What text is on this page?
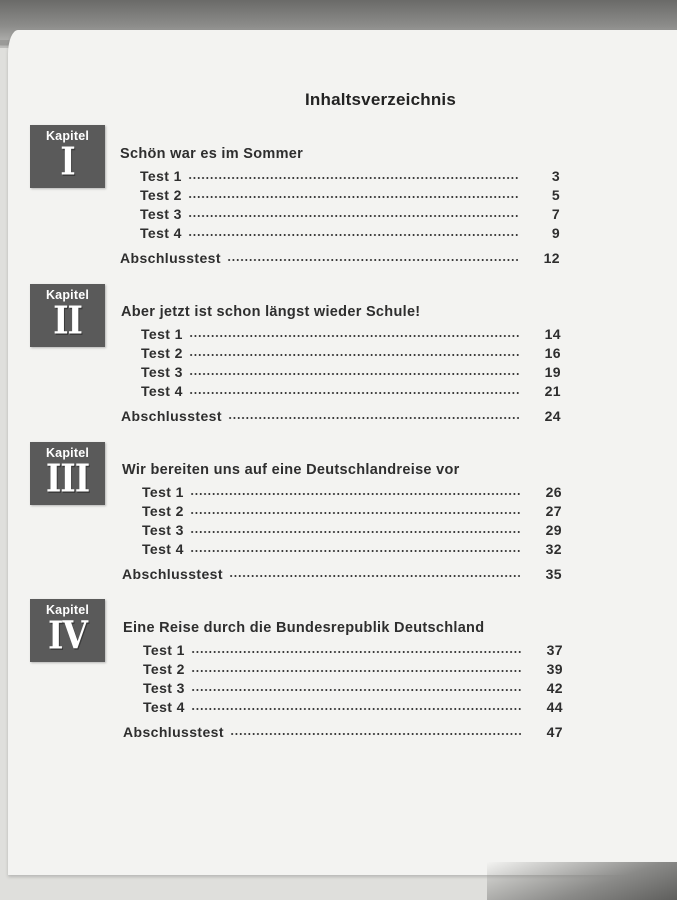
Inhaltsverzeichnis
Kapitel
I	Schön war es im Sommer
Test 1	3
Test 2	5
Test 3	7
Test 4	9
Abschlusstest	12
Kapitel
II	Aber jetzt ist schon längst wieder Schule!
Test 1	14
Test 2	16
Test 3	19
Test 4	21
Abschlusstest	24
Kapitel
III	Wir bereiten uns auf eine Deutschlandreise vor
Test 1	26
Test 2	27
Test 3	29
Test 4	32
Abschlusstest	35
Kapitel
IV	Eine Reise durch die Bundesrepublik Deutschland
Test 1	37
Test 2	39
Test 3	42
Test 4	44
Abschlusstest	47
